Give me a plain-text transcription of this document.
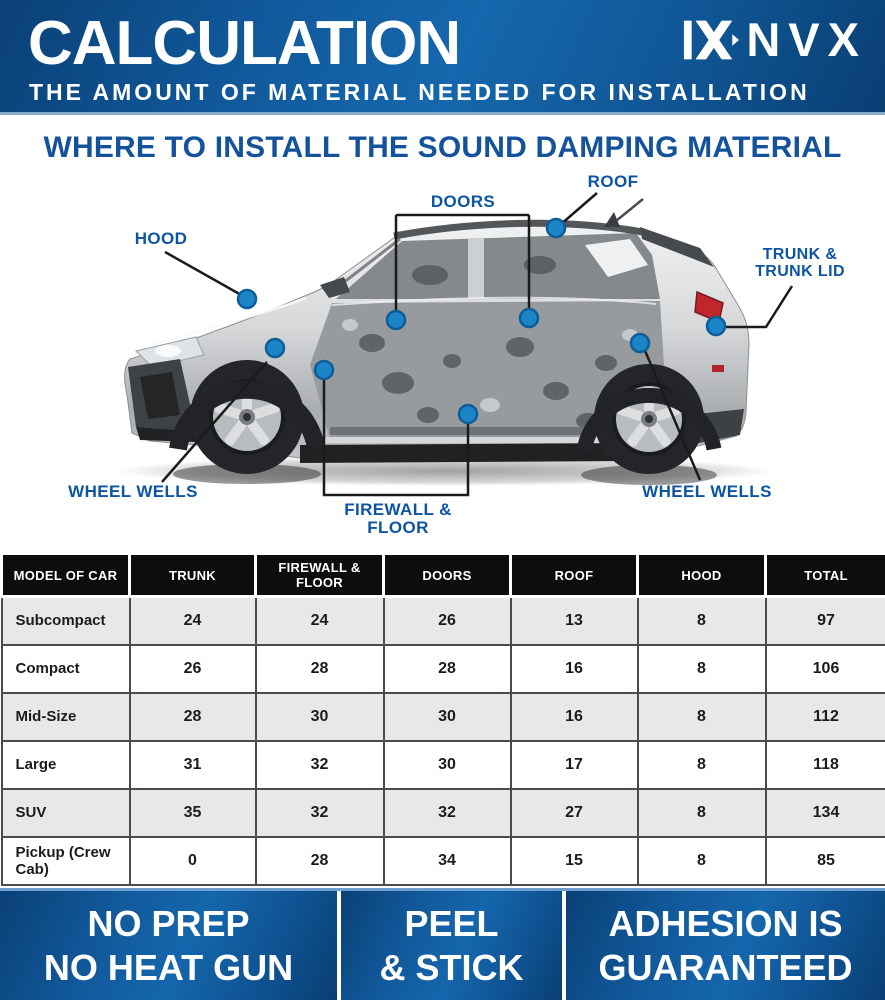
CALCULATION
THE AMOUNT OF MATERIAL NEEDED FOR INSTALLATION
NVX
WHERE TO INSTALL THE SOUND DAMPING MATERIAL
HOOD
ROOF
DOORS
TRUNK &
TRUNK LID
WHEEL WELLS	WHEEL WELLS
FIREWALL &
FLOOR
MODEL OF CAR	TRUNK	FIREWALL & FLOOR	DOORS	ROOF	HOOD	TOTAL
Subcompact	24	24	26	13	8	97
Compact	26	28	28	16	8	106
Mid-Size	28	30	30	16	8	112
Large	31	32	30	17	8	118
SUV	35	32	32	27	8	134
Pickup (Crew Cab)	0	28	34	15	8	85
NO PREP
NO HEAT GUN
PEEL
& STICK
ADHESION IS
GUARANTEED
